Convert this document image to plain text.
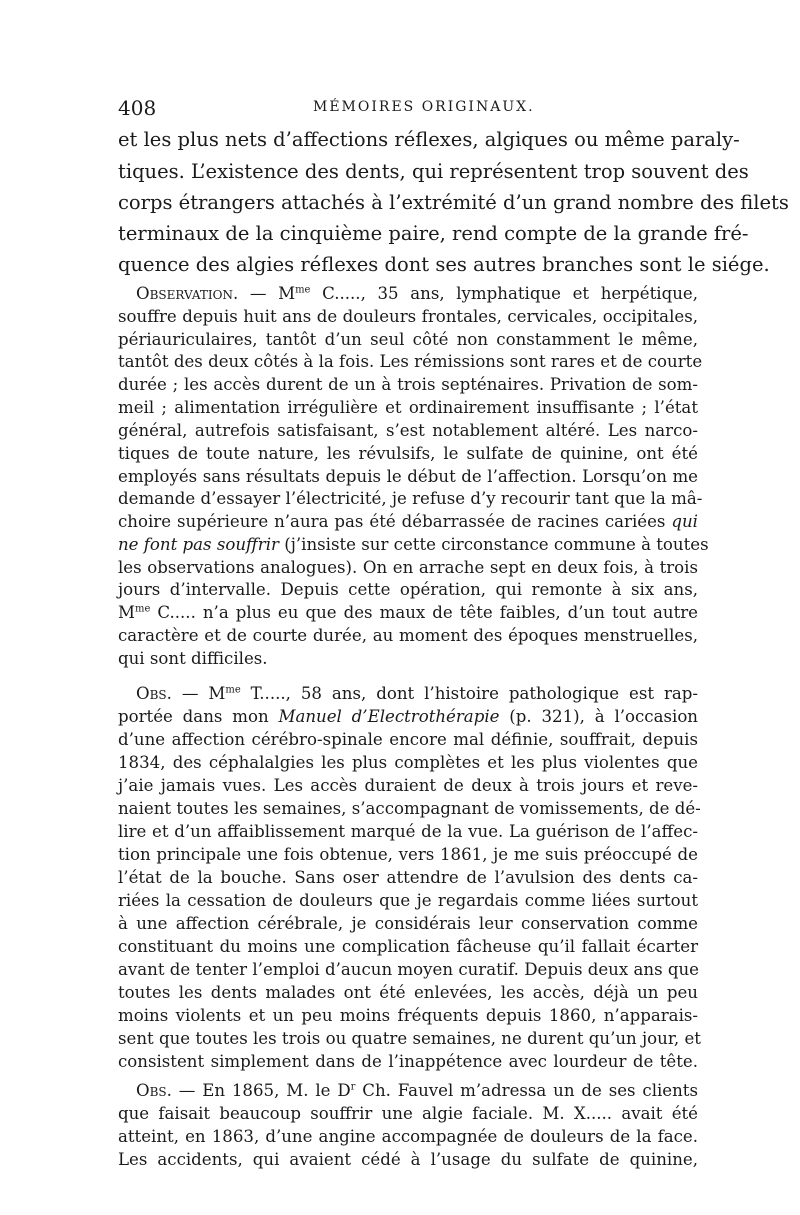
408	MÉMOIRES ORIGINAUX.
et les plus nets d’affections réflexes, algiques ou même paraly-
tiques. L’existence des dents, qui représentent trop souvent des
corps étrangers attachés à l’extrémité d’un grand nombre des filets
terminaux de la cinquième paire, rend compte de la grande fré-
quence des algies réflexes dont ses autres branches sont le siége.
Observation. — $M^{me}$ C....., 35 ans, lymphatique et herpétique,
souffre depuis huit ans de douleurs frontales, cervicales, occipitales,
périauriculaires, tantôt d’un seul côté non constamment le même,
tantôt des deux côtés à la fois. Les rémissions sont rares et de courte
durée ; les accès durent de un à trois septénaires. Privation de som-
meil ; alimentation irrégulière et ordinairement insuffisante ; l’état
général, autrefois satisfaisant, s’est notablement altéré. Les narco-
tiques de toute nature, les révulsifs, le sulfate de quinine, ont été
employés sans résultats depuis le début de l’affection. Lorsqu’on me
demande d’essayer l’électricité, je refuse d’y recourir tant que la mâ-
choire supérieure n’aura pas été débarrassée de racines cariées qui
ne font pas souffrir (j’insiste sur cette circonstance commune à toutes
les observations analogues). On en arrache sept en deux fois, à trois
jours d’intervalle. Depuis cette opération, qui remonte à six ans,
$M^{me}$ C..... n’a plus eu que des maux de tête faibles, d’un tout autre
caractère et de courte durée, au moment des époques menstruelles,
qui sont difficiles.
Obs. — $M^{me}$ T....., 58 ans, dont l’histoire pathologique est rap-
portée dans mon Manuel d’Electrothérapie (p. 321), à l’occasion
d’une affection cérébro-spinale encore mal définie, souffrait, depuis
1834, des céphalalgies les plus complètes et les plus violentes que
j’aie jamais vues. Les accès duraient de deux à trois jours et reve-
naient toutes les semaines, s’accompagnant de vomissements, de dé-
lire et d’un affaiblissement marqué de la vue. La guérison de l’affec-
tion principale une fois obtenue, vers 1861, je me suis préoccupé de
l’état de la bouche. Sans oser attendre de l’avulsion des dents ca-
riées la cessation de douleurs que je regardais comme liées surtout
à une affection cérébrale, je considérais leur conservation comme
constituant du moins une complication fâcheuse qu’il fallait écarter
avant de tenter l’emploi d’aucun moyen curatif. Depuis deux ans que
toutes les dents malades ont été enlevées, les accès, déjà un peu
moins violents et un peu moins fréquents depuis 1860, n’apparais-
sent que toutes les trois ou quatre semaines, ne durent qu’un jour, et
consistent simplement dans de l’inappétence avec lourdeur de tête.
Obs. — En 1865, M. le $D^r$ Ch. Fauvel m’adressa un de ses clients
que faisait beaucoup souffrir une algie faciale. M. X..... avait été
atteint, en 1863, d’une angine accompagnée de douleurs de la face.
Les accidents, qui avaient cédé à l’usage du sulfate de quinine,
